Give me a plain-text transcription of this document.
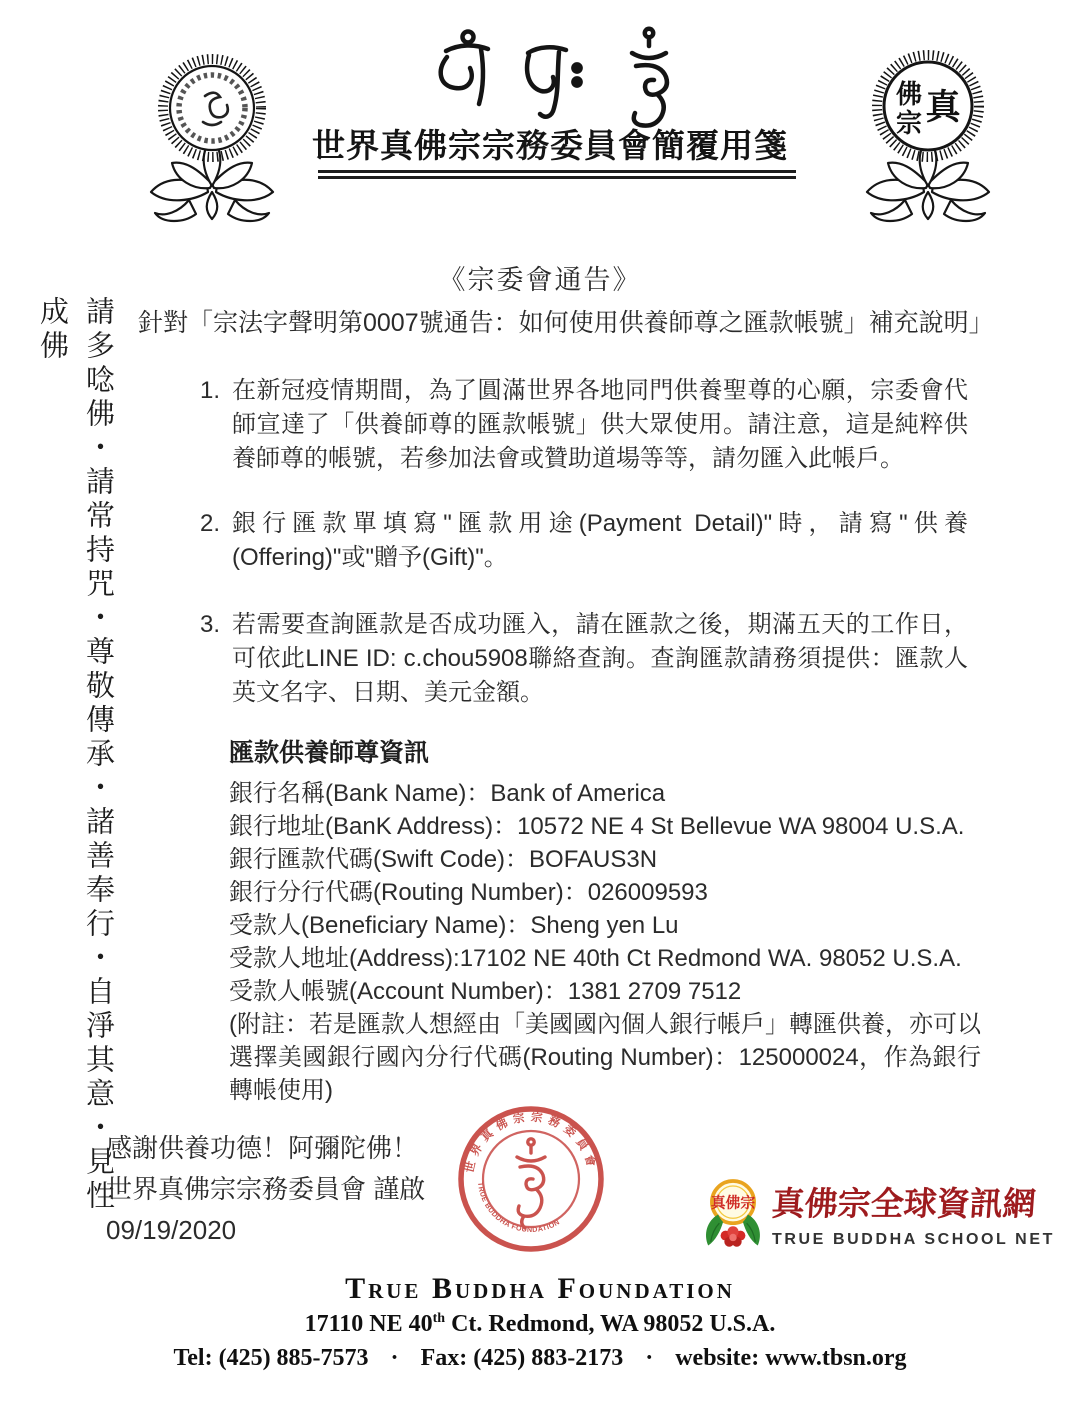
真
佛
宗
世界真佛宗宗務委員會簡覆用箋
請多唸佛・請常持咒・尊敬傳承・諸善奉行・自淨其意・見性成佛
《宗委會通告》
針對「宗法字聲明第0007號通告：如何使用供養師尊之匯款帳號」補充說明」
1. 在新冠疫情期間，為了圓滿世界各地同門供養聖尊的心願，宗委會代師宣達了「供養師尊的匯款帳號」供大眾使用。請注意，這是純粹供養師尊的帳號，若參加法會或贊助道場等等，請勿匯入此帳戶。
2. 銀行匯款單填寫"匯款用途(Payment Detail)"時，請寫"供養(Offering)"或"贈予(Gift)"。
3. 若需要查詢匯款是否成功匯入，請在匯款之後，期滿五天的工作日，可依此LINE ID: c.chou5908聯絡查詢。查詢匯款請務須提供：匯款人英文名字、日期、美元金額。
匯款供養師尊資訊
銀行名稱(Bank Name)：Bank of America
銀行地址(BanK Address)：10572 NE 4 St Bellevue WA 98004 U.S.A.
銀行匯款代碼(Swift Code)：BOFAUS3N
銀行分行代碼(Routing Number)：026009593
受款人(Beneficiary Name)：Sheng yen Lu
受款人地址(Address):17102 NE 40th Ct Redmond WA. 98052 U.S.A.
受款人帳號(Account Number)：1381 2709 7512
(附註：若是匯款人想經由「美國國內個人銀行帳戶」轉匯供養，亦可以選擇美國銀行國內分行代碼(Routing Number)：125000024，作為銀行轉帳使用)
感謝供養功德！阿彌陀佛！
世界真佛宗宗務委員會 謹啟
09/19/2020
世界真佛宗宗務委員會
TRUE BUDDHA FOUNDATION
真佛宗 真佛宗全球資訊網
TRUE BUDDHA SCHOOL NET
True Buddha Foundation
17110 NE 40th Ct. Redmond, WA 98052 U.S.A.
Tel: (425) 885-7573 · Fax: (425) 883-2173 · website: www.tbsn.org
